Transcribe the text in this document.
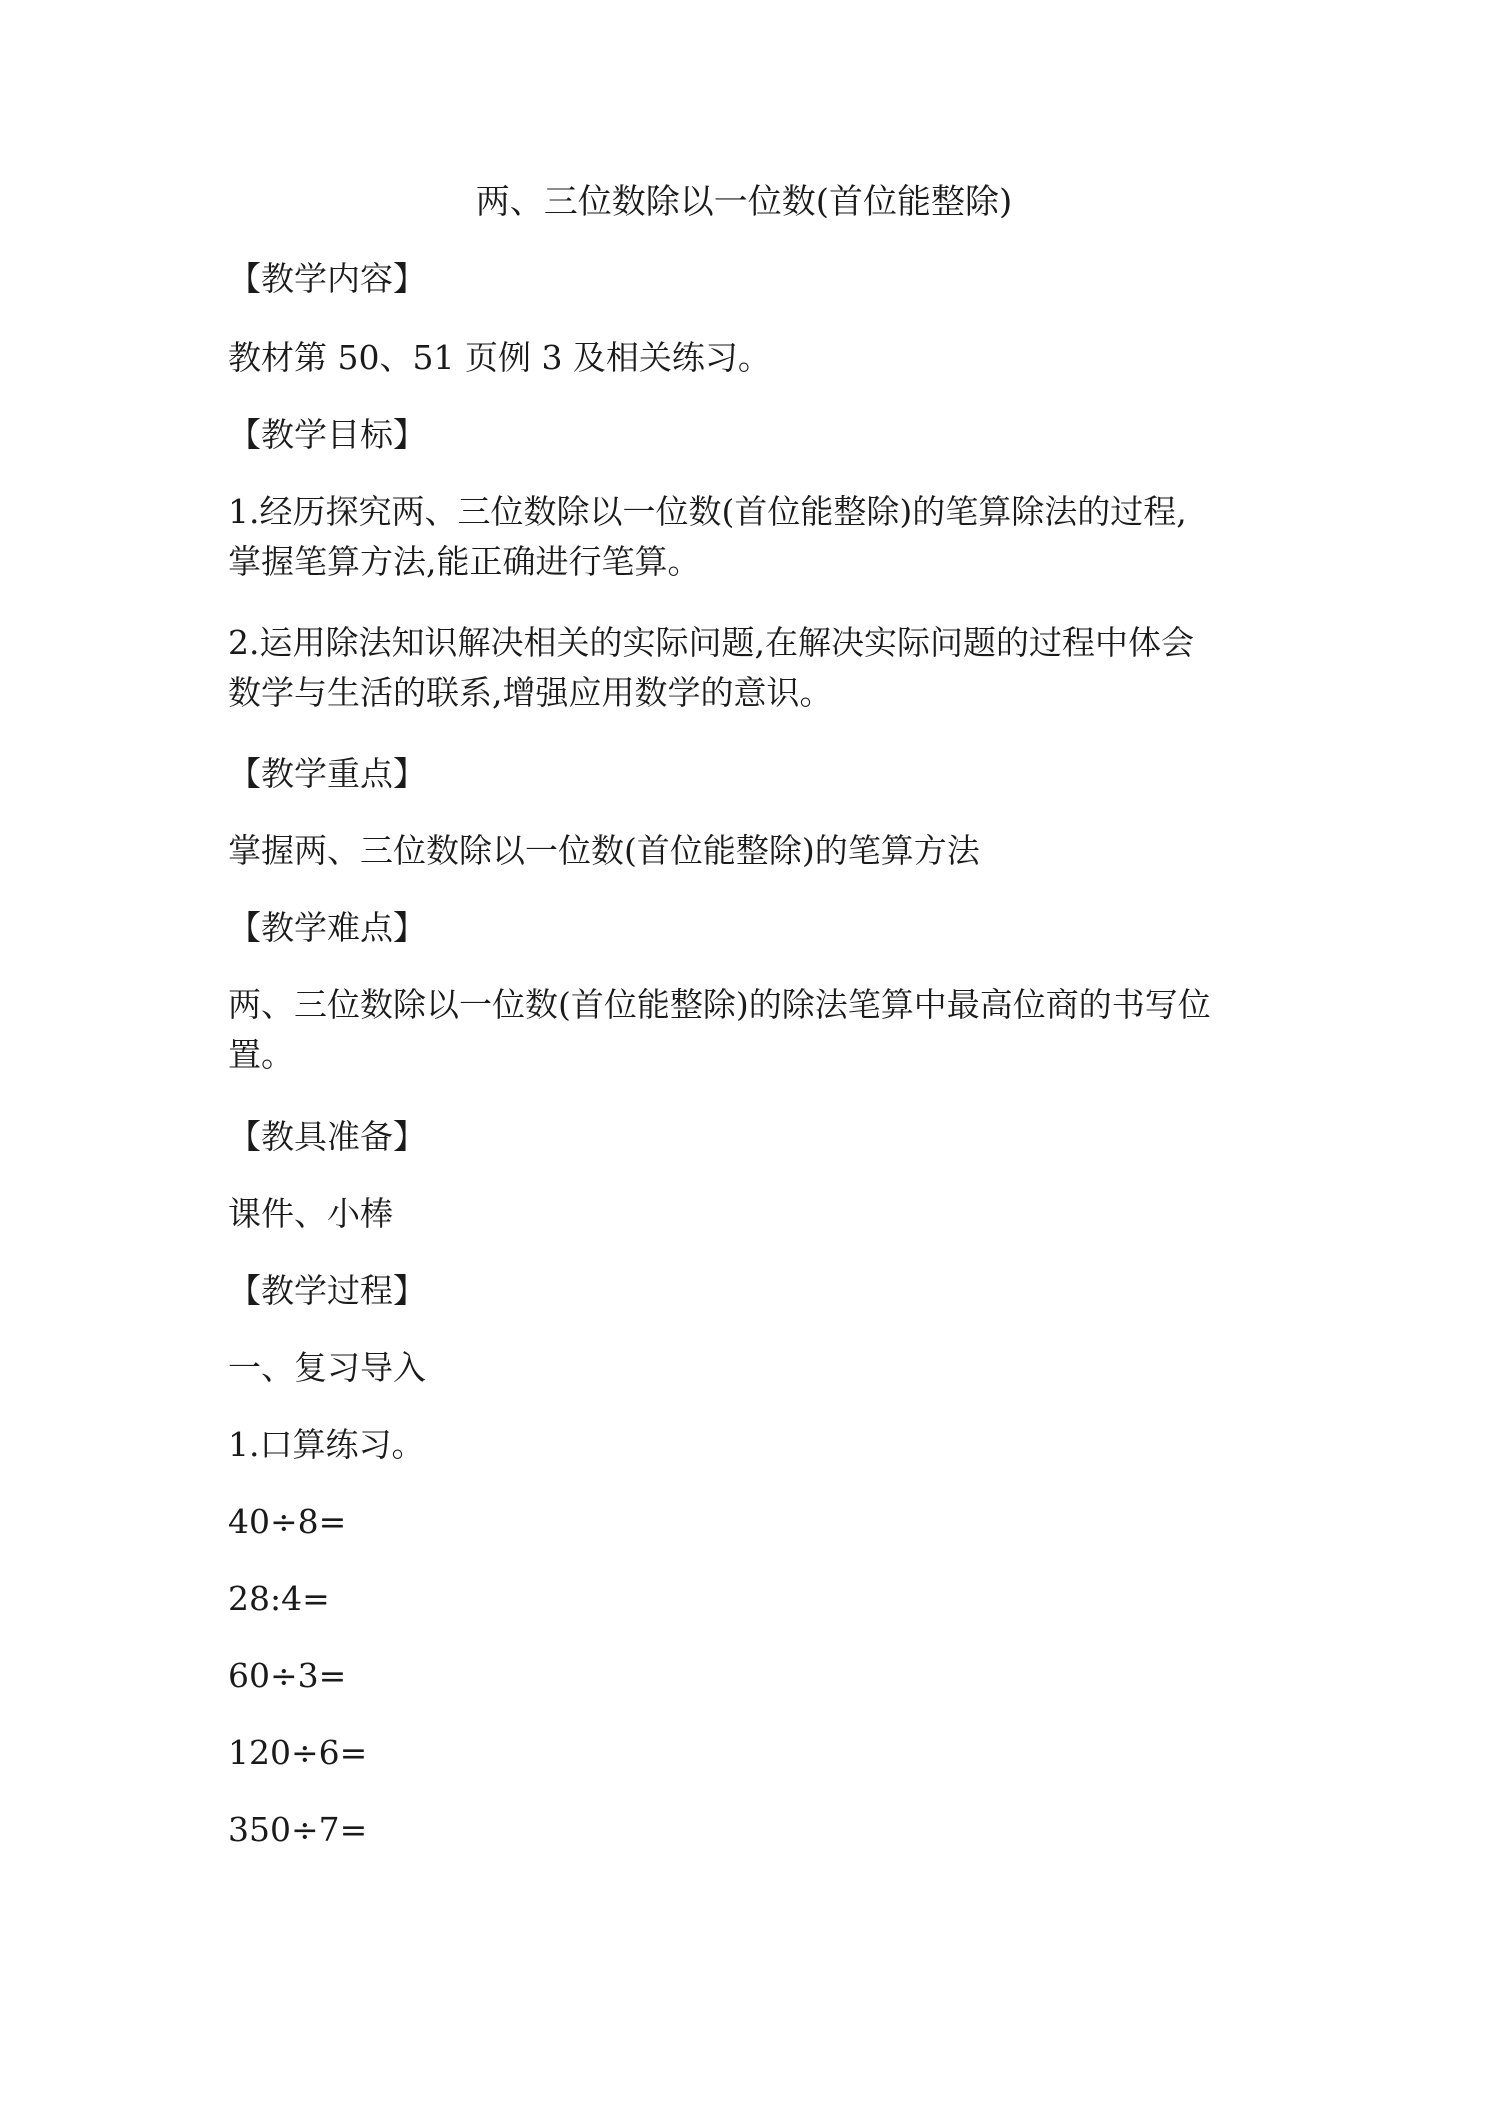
两、三位数除以一位数(首位能整除)
【教学内容】
教材第 50、51 页例 3 及相关练习。
【教学目标】
1.经历探究两、三位数除以一位数(首位能整除)的笔算除法的过程,
掌握笔算方法,能正确进行笔算。
2.运用除法知识解决相关的实际问题,在解决实际问题的过程中体会
数学与生活的联系,增强应用数学的意识。
【教学重点】
掌握两、三位数除以一位数(首位能整除)的笔算方法
【教学难点】
两、三位数除以一位数(首位能整除)的除法笔算中最高位商的书写位
置。
【教具准备】
课件、小棒
【教学过程】
一、复习导入
1.口算练习。
40÷8=
28:4=
60÷3=
120÷6=
350÷7=
